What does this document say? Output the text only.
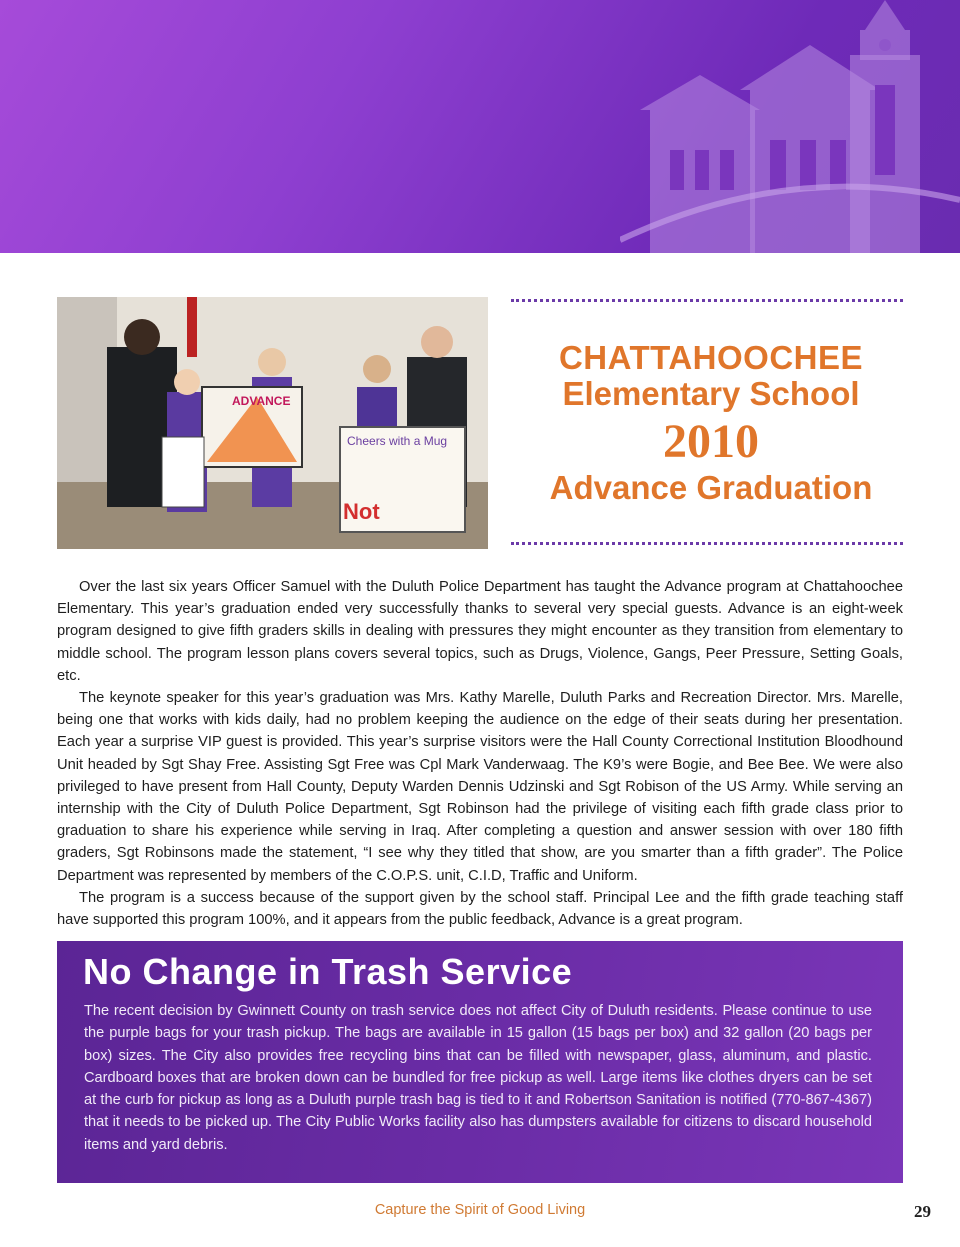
ADVANCE
Cheers with a Mug
Not
CHATTAHOOCHEE
Elementary School
2010
Advance Graduation

Over the last six years Officer Samuel with the Duluth Police Department has taught the Advance program at Chattahoochee Elementary. This year’s graduation ended very successfully thanks to several very special guests. Advance is an eight-week program designed to give fifth graders skills in dealing with pressures they might encounter as they transition from elementary to middle school. The program lesson plans covers several topics, such as Drugs, Violence, Gangs, Peer Pressure, Setting Goals, etc.

The keynote speaker for this year’s graduation was Mrs. Kathy Marelle, Duluth Parks and Recreation Director. Mrs. Marelle, being one that works with kids daily, had no problem keeping the audience on the edge of their seats during her presentation. Each year a surprise VIP guest is provided. This year’s surprise visitors were the Hall County Correctional Institution Bloodhound Unit headed by Sgt Shay Free. Assisting Sgt Free was Cpl Mark Vanderwaag. The K9’s were Bogie, and Bee Bee. We were also privileged to have present from Hall County, Deputy Warden Dennis Udzinski and Sgt Robison of the US Army. While serving an internship with the City of Duluth Police Department, Sgt Robinson had the privilege of visiting each fifth grade class prior to graduation to share his experience while serving in Iraq. After completing a question and answer session with over 180 fifth graders, Sgt Robinsons made the statement, “I see why they titled that show, are you smarter than a fifth grader”. The Police Department was represented by members of the C.O.P.S. unit, C.I.D, Traffic and Uniform.

The program is a success because of the support given by the school staff. Principal Lee and the fifth grade teaching staff have supported this program 100%, and it appears from the public feedback, Advance is a great program.

No Change in Trash Service
The recent decision by Gwinnett County on trash service does not affect City of Duluth residents. Please continue to use the purple bags for your trash pickup. The bags are available in 15 gallon (15 bags per box) and 32 gallon (20 bags per box) sizes. The City also provides free recycling bins that can be filled with newspaper, glass, aluminum, and plastic. Cardboard boxes that are broken down can be bundled for free pickup as well. Large items like clothes dryers can be set at the curb for pickup as long as a Duluth purple trash bag is tied to it and Robertson Sanitation is notified (770-867-4367) that it needs to be picked up. The City Public Works facility also has dumpsters available for citizens to discard household items and yard debris.
Capture the Spirit of Good Living	29
